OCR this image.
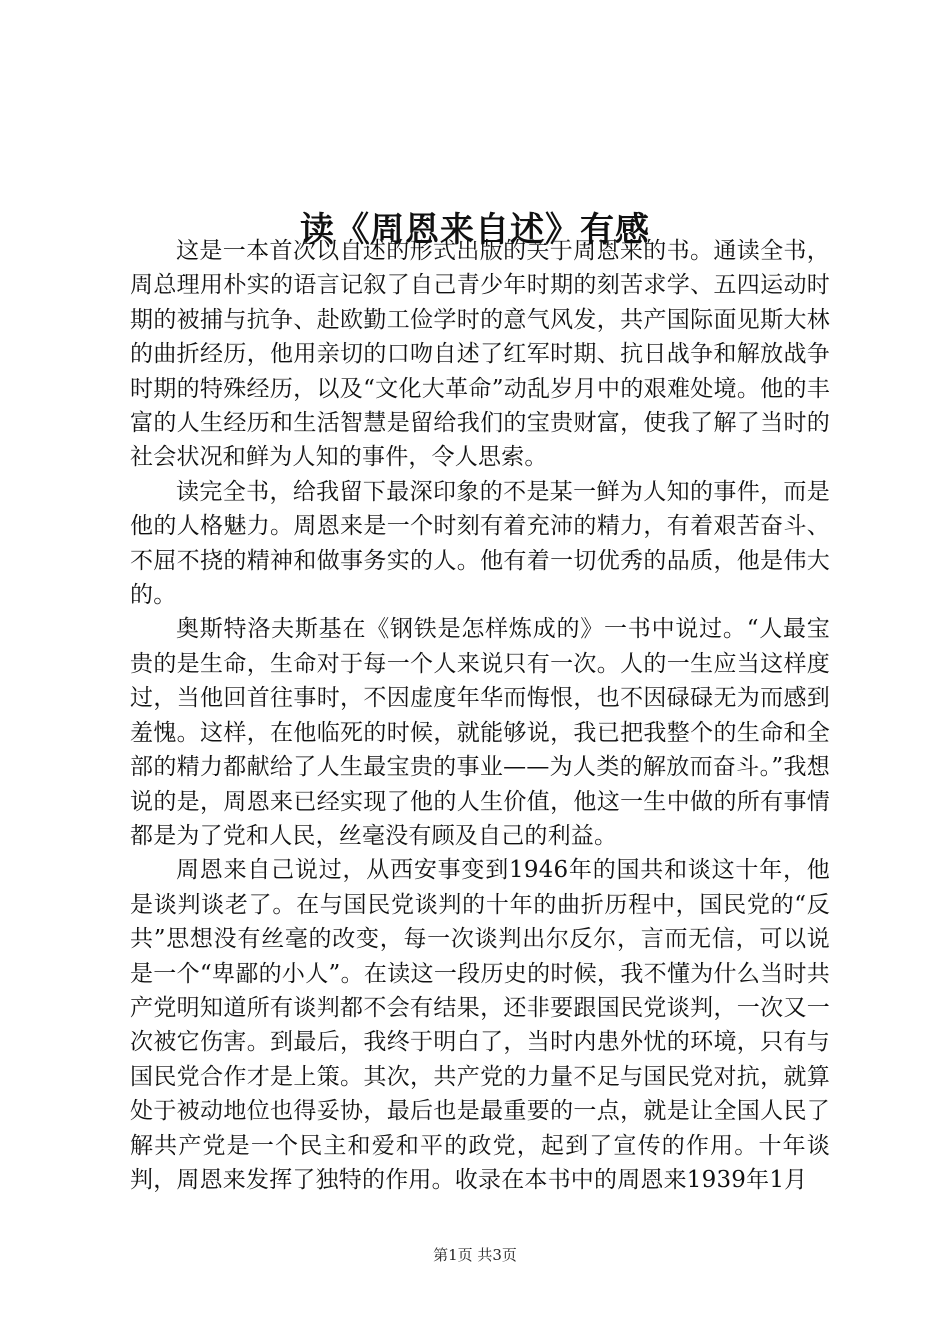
读《周恩来自述》有感

这是一本首次以自述的形式出版的关于周恩来的书。通读全书，周总理用朴实的语言记叙了自己青少年时期的刻苦求学、五四运动时期的被捕与抗争、赴欧勤工俭学时的意气风发，共产国际面见斯大林的曲折经历，他用亲切的口吻自述了红军时期、抗日战争和解放战争时期的特殊经历，以及“文化大革命”动乱岁月中的艰难处境。他的丰富的人生经历和生活智慧是留给我们的宝贵财富，使我了解了当时的社会状况和鲜为人知的事件，令人思索。

读完全书，给我留下最深印象的不是某一鲜为人知的事件，而是他的人格魅力。周恩来是一个时刻有着充沛的精力，有着艰苦奋斗、不屈不挠的精神和做事务实的人。他有着一切优秀的品质，他是伟大的。

奥斯特洛夫斯基在《钢铁是怎样炼成的》一书中说过。“人最宝贵的是生命，生命对于每一个人来说只有一次。人的一生应当这样度过，当他回首往事时，不因虚度年华而悔恨，也不因碌碌无为而感到羞愧。这样，在他临死的时候，就能够说，我已把我整个的生命和全部的精力都献给了人生最宝贵的事业——为人类的解放而奋斗。”我想说的是，周恩来已经实现了他的人生价值，他这一生中做的所有事情都是为了党和人民，丝毫没有顾及自己的利益。

周恩来自己说过，从西安事变到1946年的国共和谈这十年，他是谈判谈老了。在与国民党谈判的十年的曲折历程中，国民党的“反共”思想没有丝毫的改变，每一次谈判出尔反尔，言而无信，可以说是一个“卑鄙的小人”。在读这一段历史的时候，我不懂为什么当时共产党明知道所有谈判都不会有结果，还非要跟国民党谈判，一次又一次被它伤害。到最后，我终于明白了，当时内患外忧的环境，只有与国民党合作才是上策。其次，共产党的力量不足与国民党对抗，就算处于被动地位也得妥协，最后也是最重要的一点，就是让全国人民了解共产党是一个民主和爱和平的政党，起到了宣传的作用。十年谈判，周恩来发挥了独特的作用。收录在本书中的周恩来1939年1月

第1页 共3页
